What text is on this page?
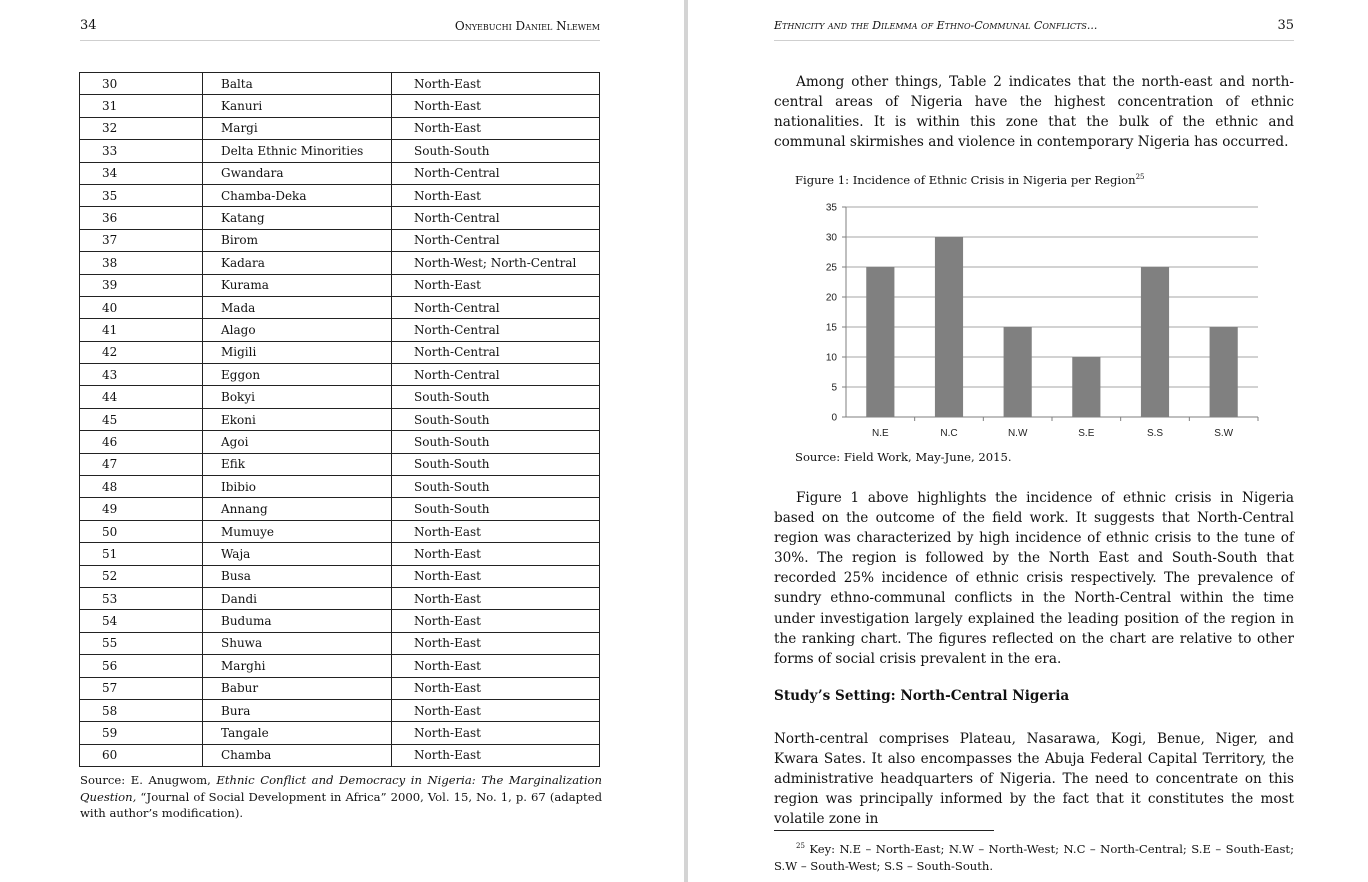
34	Onyebuchi Daniel Nlewem
30	Balta	North-East
31	Kanuri	North-East
32	Margi	North-East
33	Delta Ethnic Minorities	South-South
34	Gwandara	North-Central
35	Chamba-Deka	North-East
36	Katang	North-Central
37	Birom	North-Central
38	Kadara	North-West; North-Central
39	Kurama	North-East
40	Mada	North-Central
41	Alago	North-Central
42	Migili	North-Central
43	Eggon	North-Central
44	Bokyi	South-South
45	Ekoni	South-South
46	Agoi	South-South
47	Efik	South-South
48	Ibibio	South-South
49	Annang	South-South
50	Mumuye	North-East
51	Waja	North-East
52	Busa	North-East
53	Dandi	North-East
54	Buduma	North-East
55	Shuwa	North-East
56	Marghi	North-East
57	Babur	North-East
58	Bura	North-East
59	Tangale	North-East
60	Chamba	North-East
Source: E. Anugwom, Ethnic Conflict and Democracy in Nigeria: The Marginalization Question, “Journal of Social Development in Africa” 2000, Vol. 15, No. 1, p. 67 (adapted with author’s modification).
Ethnicity and the Dilemma of Ethno-Communal Conflicts...	35

Among other things, Table 2 indicates that the north-east and north-central areas of Nigeria have the highest concentration of ethnic nationalities. It is within this zone that the bulk of the ethnic and communal skirmishes and violence in contemporary Nigeria has occurred.

Figure 1: Incidence of Ethnic Crisis in Nigeria per Region$^{25}$
0
5
10
15
20
25
30
35
N.E	N.C	N.W	S.E	S.S	S.W
Source: Field Work, May-June, 2015.

Figure 1 above highlights the incidence of ethnic crisis in Nigeria based on the outcome of the field work. It suggests that North-Central region was characterized by high incidence of ethnic crisis to the tune of 30%. The region is followed by the North East and South-South that recorded 25% incidence of ethnic crisis respectively. The prevalence of sundry ethno-communal conflicts in the North-Central within the time under investigation largely explained the leading position of the region in the ranking chart. The figures reflected on the chart are relative to other forms of social crisis prevalent in the era.

Study’s Setting: North-Central Nigeria

North-central comprises Plateau, Nasarawa, Kogi, Benue, Niger, and Kwara Sates. It also encompasses the Abuja Federal Capital Territory, the administrative headquarters of Nigeria. The need to concentrate on this region was principally informed by the fact that it constitutes the most volatile zone in

$^{25}$ Key: N.E – North-East; N.W – North-West; N.C – North-Central; S.E – South-East; S.W – South-West; S.S – South-South.
